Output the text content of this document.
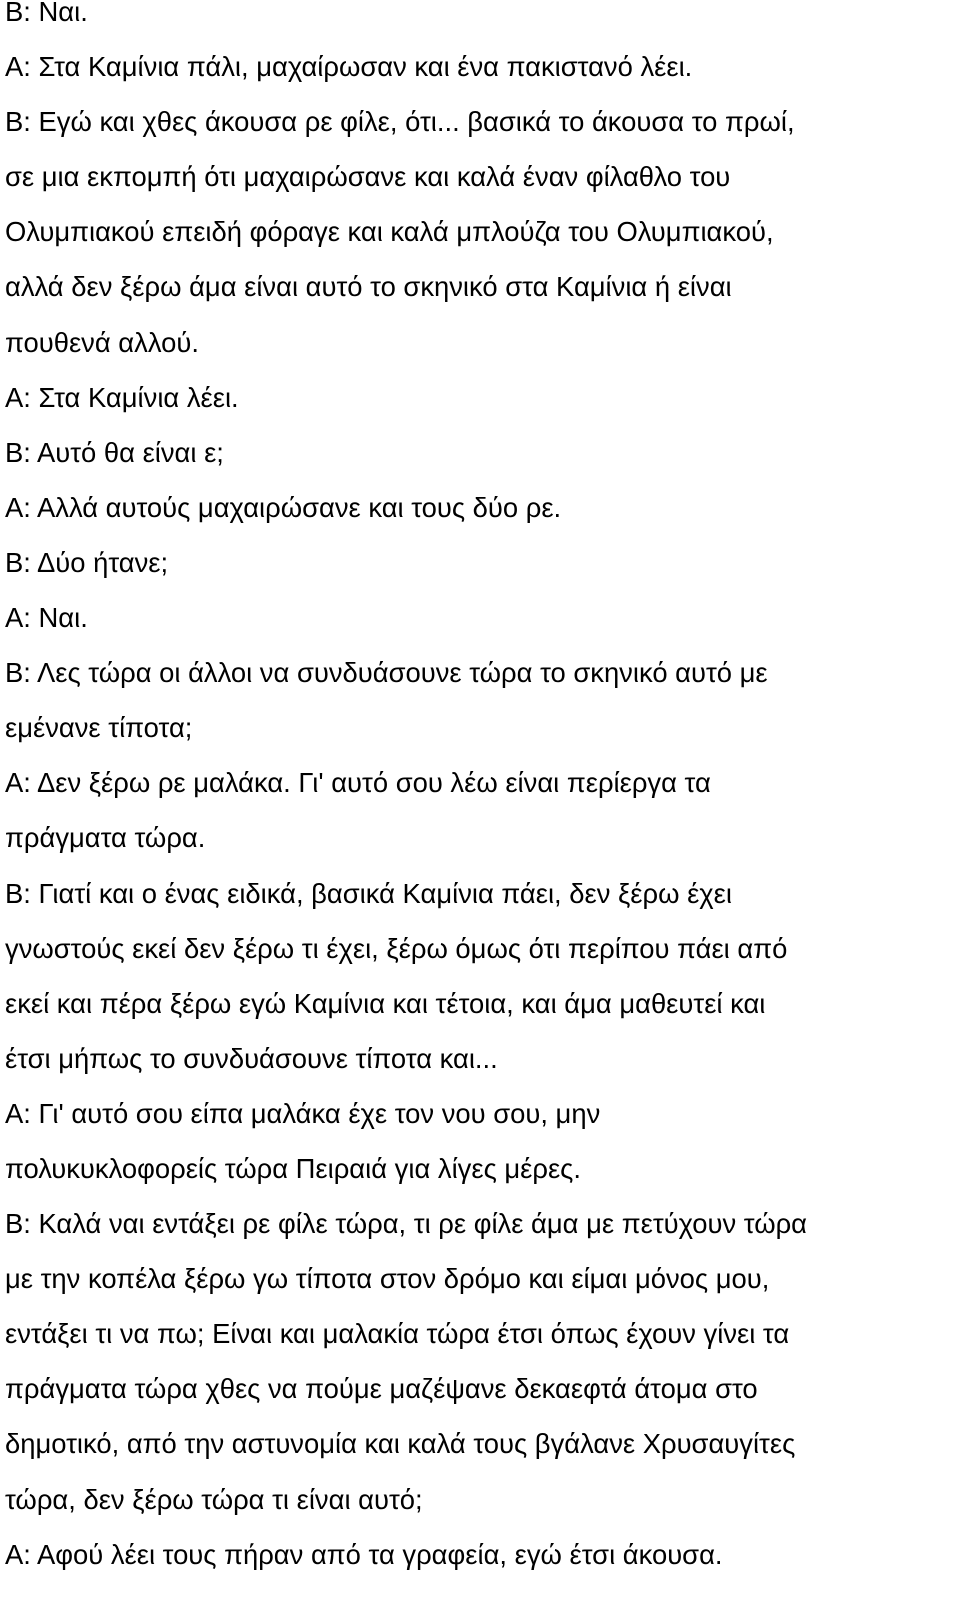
Β: Ναι.
Α: Στα Καμίνια πάλι, μαχαίρωσαν και ένα πακιστανό λέει.
Β: Εγώ και χθες άκουσα ρε φίλε, ότι... βασικά το άκουσα το πρωί,
σε μια εκπομπή ότι μαχαιρώσανε και καλά έναν φίλαθλο του
Ολυμπιακού επειδή φόραγε και καλά μπλούζα του Ολυμπιακού,
αλλά δεν ξέρω άμα είναι αυτό το σκηνικό στα Καμίνια ή είναι
πουθενά αλλού.
Α: Στα Καμίνια λέει.
Β: Αυτό θα είναι ε;
Α: Αλλά αυτούς μαχαιρώσανε και τους δύο ρε.
Β: Δύο ήτανε;
Α: Ναι.
Β: Λες τώρα οι άλλοι να συνδυάσουνε τώρα το σκηνικό αυτό με
εμένανε τίποτα;
Α: Δεν ξέρω ρε μαλάκα. Γι' αυτό σου λέω είναι περίεργα τα
πράγματα τώρα.
Β: Γιατί και ο ένας ειδικά, βασικά Καμίνια πάει, δεν ξέρω έχει
γνωστούς εκεί δεν ξέρω τι έχει, ξέρω όμως ότι περίπου πάει από
εκεί και πέρα ξέρω εγώ Καμίνια και τέτοια, και άμα μαθευτεί και
έτσι μήπως το συνδυάσουνε τίποτα και...
Α: Γι' αυτό σου είπα μαλάκα έχε τον νου σου, μην
πολυκυκλοφορείς τώρα Πειραιά για λίγες μέρες.
Β: Καλά ναι εντάξει ρε φίλε τώρα, τι ρε φίλε άμα με πετύχουν τώρα
με την κοπέλα ξέρω γω τίποτα στον δρόμο και είμαι μόνος μου,
εντάξει τι να πω; Είναι και μαλακία τώρα έτσι όπως έχουν γίνει τα
πράγματα τώρα χθες να πούμε μαζέψανε δεκαεφτά άτομα στο
δημοτικό, από την αστυνομία και καλά τους βγάλανε Χρυσαυγίτες
τώρα, δεν ξέρω τώρα τι είναι αυτό;
Α: Αφού λέει τους πήραν από τα γραφεία, εγώ έτσι άκουσα.
